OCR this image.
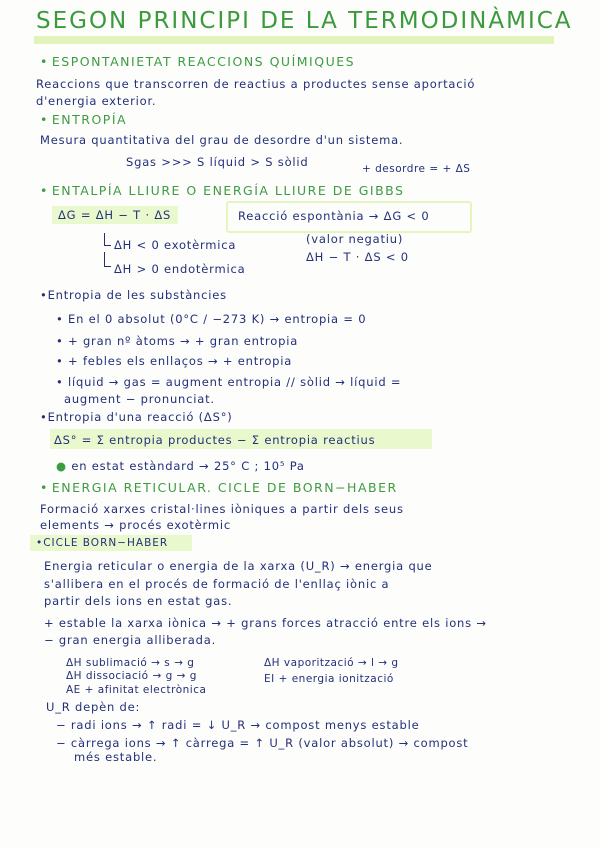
SEGON PRINCIPI DE LA TERMODINÀMICA
• ESPONTANIETAT REACCIONS QUÍMIQUES
Reaccions que transcorren de reactius a productes sense aportació
d'energia exterior.
• ENTROPÍA
Mesura quantitativa del grau de desordre d'un sistema.
Sgas >>> S líquid > S sòlid	+ desordre = + ΔS
• ENTALPÍA LLIURE O ENERGÍA LLIURE DE GIBBS
ΔG = ΔH − T · ΔS	Reacció espontània → ΔG < 0
(valor negatiu)
ΔH − T · ΔS < 0
ΔH < 0 exotèrmica
ΔH > 0 endotèrmica
•Entropia de les substàncies
• En el 0 absolut (0°C / −273 K) → entropia = 0
• + gran nº àtoms → + gran entropia
• + febles els enllaços → + entropia
• líquid → gas = augment entropia // sòlid → líquid =
augment − pronunciat.
•Entropia d'una reacció (ΔS°)
ΔS° = Σ entropia productes − Σ entropia reactius
● en estat estàndard → 25° C ; 10⁵ Pa
• ENERGIA RETICULAR. CICLE DE BORN−HABER
Formació xarxes cristal·lines iòniques a partir dels seus
elements → procés exotèrmic
•CICLE BORN−HABER
Energia reticular o energia de la xarxa (U_R) → energia que
s'allibera en el procés de formació de l'enllaç iònic a
partir dels ions en estat gas.
+ estable la xarxa iònica → + grans forces atracció entre els ions →
− gran energia alliberada.
ΔH sublimació → s → g
ΔH dissociació → g → g
AE + afinitat electrònica
ΔH vaporització → l → g
EI + energia ionització
U_R depèn de:
− radi ions → ↑ radi = ↓ U_R → compost menys estable
− càrrega ions → ↑ càrrega = ↑ U_R (valor absolut) → compost
més estable.
